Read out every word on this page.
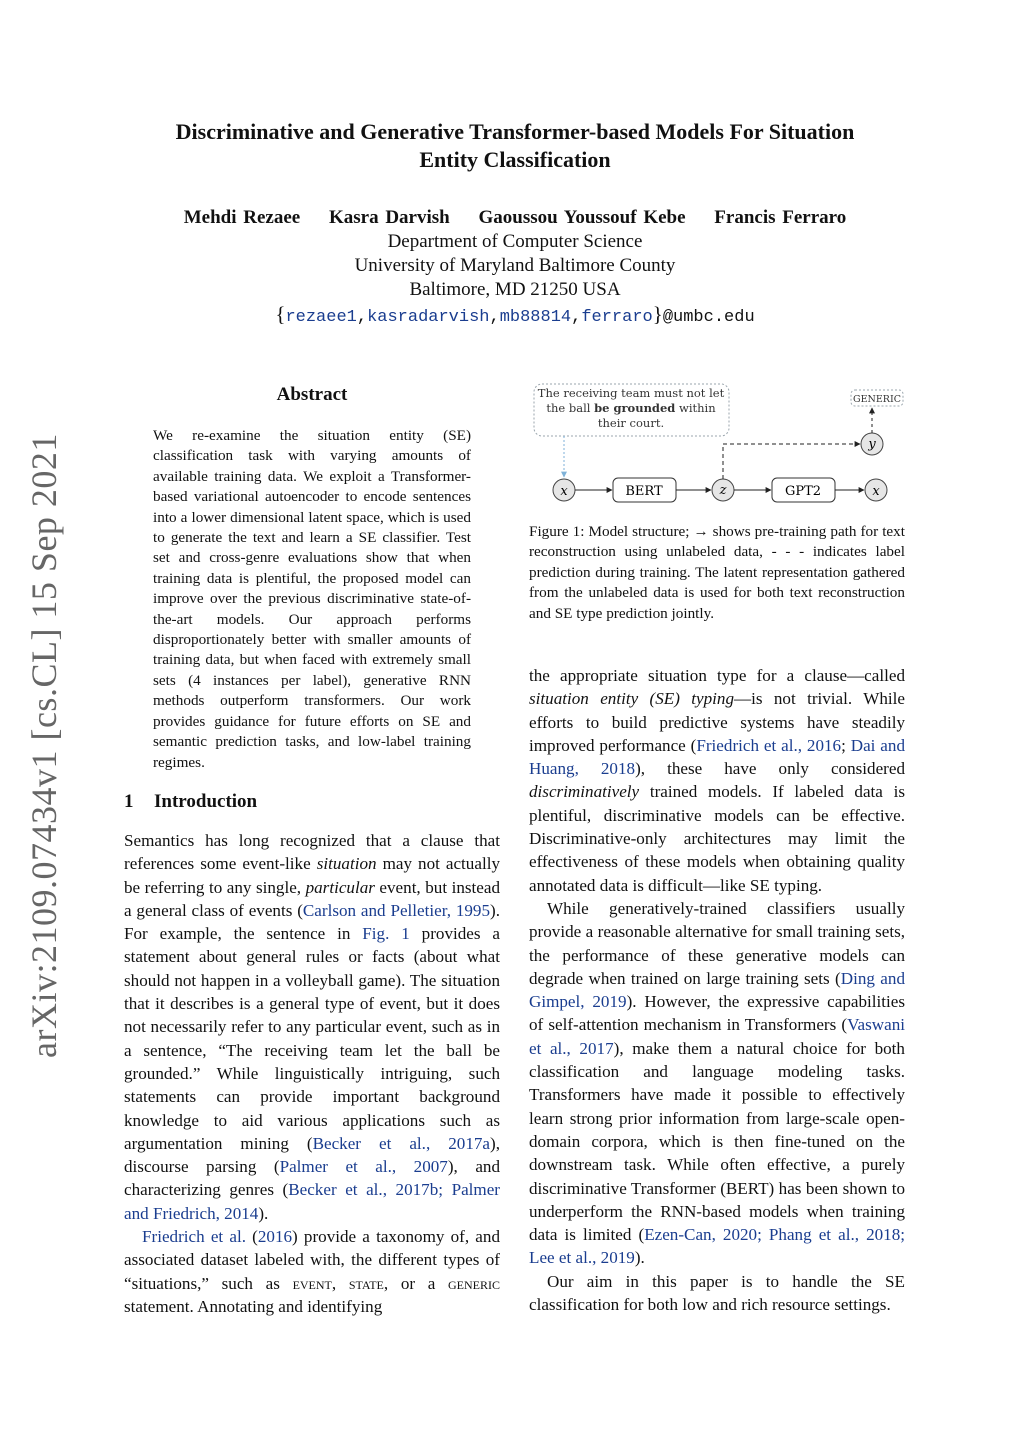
arXiv:2109.07434v1 [cs.CL] 15 Sep 2021
Discriminative and Generative Transformer-based Models For Situation
Entity Classification
Mehdi Rezaee Kasra Darvish Gaoussou Youssouf Kebe Francis Ferraro
Department of Computer Science
University of Maryland Baltimore County
Baltimore, MD 21250 USA
{rezaee1,kasradarvish,mb88814,ferraro}@umbc.edu
Abstract
We re-examine the situation entity (SE) classification task with varying amounts of available training data. We exploit a Transformer-based variational autoencoder to encode sentences into a lower dimensional latent space, which is used to generate the text and learn a SE classifier. Test set and cross-genre evaluations show that when training data is plentiful, the proposed model can improve over the previous discriminative state-of-the-art models. Our approach performs disproportionately better with smaller amounts of training data, but when faced with extremely small sets (4 instances per label), generative RNN methods outperform transformers. Our work provides guidance for future efforts on SE and semantic prediction tasks, and low-label training regimes.
1 Introduction

Semantics has long recognized that a clause that references some event-like situation may not actually be referring to any single, particular event, but instead a general class of events (Carlson and Pelletier, 1995). For example, the sentence in Fig. 1 provides a statement about general rules or facts (about what should not happen in a volleyball game). The situation that it describes is a general type of event, but it does not necessarily refer to any particular event, such as in a sentence, “The receiving team let the ball be grounded.” While linguistically intriguing, such statements can provide important background knowledge to aid various applications such as argumentation mining (Becker et al., 2017a), discourse parsing (Palmer et al., 2007), and characterizing genres (Becker et al., 2017b; Palmer and Friedrich, 2014).

Friedrich et al. (2016) provide a taxonomy of, and associated dataset labeled with, the different types of “situations,” such as event, state, or a generic statement. Annotating and identifying

The receiving team must not let
the ball be grounded within
their court.
GENERIC
x	BERT	z	GPT2	x
y
Figure 1: Model structure; → shows pre-training path for text reconstruction using unlabeled data, - - - indicates label prediction during training. The latent representation gathered from the unlabeled data is used for both text reconstruction and SE type prediction jointly.

the appropriate situation type for a clause—called situation entity (SE) typing—is not trivial. While efforts to build predictive systems have steadily improved performance (Friedrich et al., 2016; Dai and Huang, 2018), these have only considered discriminatively trained models. If labeled data is plentiful, discriminative models can be effective. Discriminative-only architectures may limit the effectiveness of these models when obtaining quality annotated data is difficult—like SE typing.

While generatively-trained classifiers usually provide a reasonable alternative for small training sets, the performance of these generative models can degrade when trained on large training sets (Ding and Gimpel, 2019). However, the expressive capabilities of self-attention mechanism in Transformers (Vaswani et al., 2017), make them a natural choice for both classification and language modeling tasks. Transformers have made it possible to effectively learn strong prior information from large-scale open-domain corpora, which is then fine-tuned on the downstream task. While often effective, a purely discriminative Transformer (BERT) has been shown to underperform the RNN-based models when training data is limited (Ezen-Can, 2020; Phang et al., 2018; Lee et al., 2019).

Our aim in this paper is to handle the SE classification for both low and rich resource settings.
